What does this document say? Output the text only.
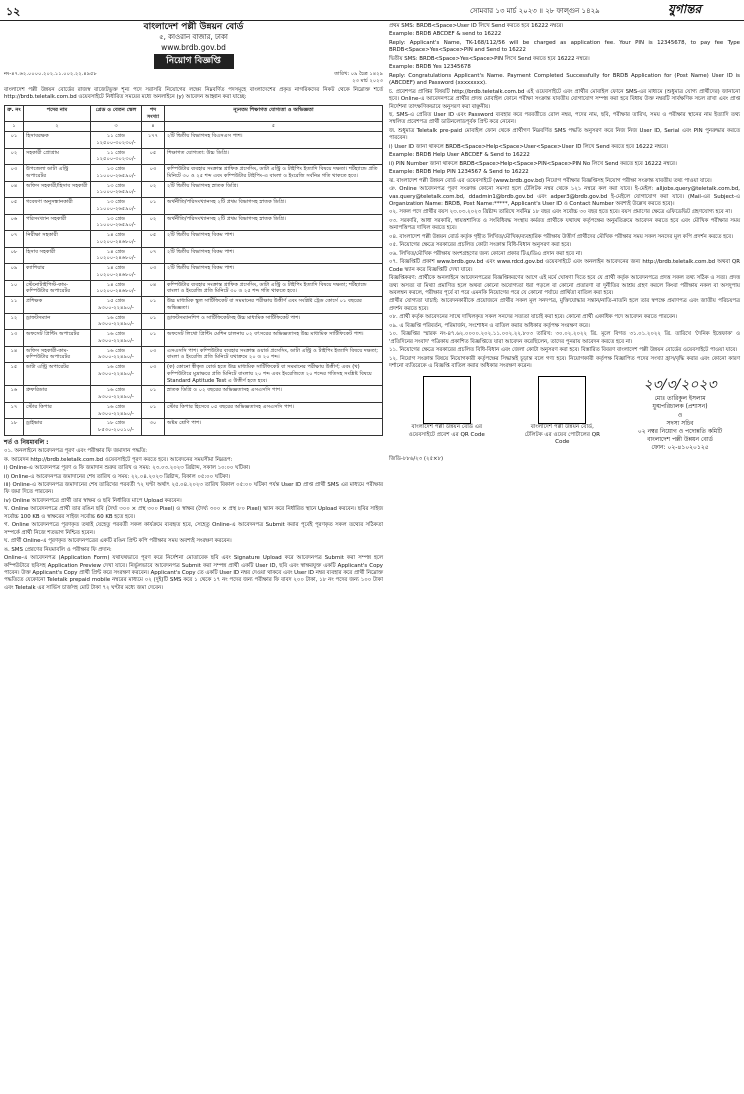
১২	সোমবার ১৩ মার্চ ২০২৩ ॥ ২৮ ফাল্গুন ১৪২৯	যুগান্তর
বাংলাদেশ পল্লী উন্নয়ন বোর্ড
৫, কাওরান বাজার, ঢাকা
www.brdb.gov.bd
নিয়োগ বিজ্ঞপ্তি
নং-৪৭.৬২.০০০০.২০২.১১.০০২.২২.৪৯৫৮	তারিখ: ০৯ চৈত্র ১৪২৯
২৩ মার্চ ২০২৩
বাংলাদেশ পল্লী উন্নয়ন বোর্ডের রাজস্ব বাজেটভুক্ত শূন্য পদে সরাসরি নিয়োগের লক্ষ্যে নিম্নবর্ণিত পদসমূহে বাংলাদেশের প্রকৃত নাগরিকদের নিকট থেকে নিম্নোক্ত শর্তে http://brdb.teletalk.com.bd ওয়েবসাইটে নির্ধারিত সময়ের মধ্যে অনলাইনে (y) আবেদন আহ্বান করা যাচ্ছে:
ক্র. নং	পদের নাম	গ্রেড ও বেতন স্কেল	পদ সংখ্যা	ন্যূনতম শিক্ষাগত যোগ্যতা ও অভিজ্ঞতা
১	২	৩	৪	৫
০১	হিসাবরক্ষক	১১ গ্রেড ১২৫০০-৩০২৩০/-	১৭৭	২টি দ্বিতীয় বিভাগসহ বিএসএস পাশ।
০২	সহকারী প্রোগ্রাম	১১ গ্রেড ১২৫০০-৩০২৩০/-	০৫	শিক্ষাগত যোগ্যতা: উচ্চ ডিগ্রি।
০৩	উপজেলা ডাটা এন্ট্রি অপারেটর	১৩ গ্রেড ১১০০০-২৬৫৯০/-	০৩	কম্পিউটার ব্যবহার সংক্রান্ত গ্রাফিক প্রসেসিং, ডাটা এন্ট্রি ও টাইপিং ইত্যাদি বিষয়ে দক্ষতা। শর্টহ্যান্ডে প্রতি মিনিটে ৩০ ও ২৫ শব্দ এবং কম্পিউটার টাইপিং-এ বাংলা ও ইংরেজি সর্বনিম্ন গতি থাকতে হবে।
০৪	অফিস সহকারী/হিসাব সহকারী	১৩ গ্রেড ১১০০০-২৬৫৯০/-	০২	২টি দ্বিতীয় বিভাগসহ স্নাতক ডিগ্রি।
০৫	গবেষণা অনুসন্ধানকারী	১৩ গ্রেড ১১০০০-২৬৫৯০/-	০১	অর্থনীতি/পরিসংখ্যানসহ ২টি প্রথম বিভাগসহ স্নাতক ডিগ্রি।
০৬	পরিসংখ্যান সহকারী	১৩ গ্রেড ১১০০০-২৬৫৯০/-	০২	অর্থনীতি/পরিসংখ্যানসহ ২টি প্রথম বিভাগসহ স্নাতক ডিগ্রি।
০৭	নিরীক্ষা সহকারী	১৪ গ্রেড ১০২০০-২৪৬৮০/-	০৫	২টি দ্বিতীয় বিভাগসহ বিকম পাশ।
০৮	হিসাব সহকারী	১৪ গ্রেড ১০২০০-২৪৬৮০/-	০৭	২টি দ্বিতীয় বিভাগসহ বিকম পাশ।
০৯	ক্যাশিয়ার	১৪ গ্রেড ১০২০০-২৪৬৮০/-	০৩	২টি দ্বিতীয় বিভাগসহ বিকম পাশ।
১০	স্টেনোটাইপিস্ট-কাম-কম্পিউটার অপারেটর	১৪ গ্রেড ১০২০০-২৪৬৮০/-	০৪	কম্পিউটার ব্যবহার সংক্রান্ত গ্রাফিক প্রসেসিং, ডাটা এন্ট্রি ও টাইপিং ইত্যাদি বিষয়ে দক্ষতা; শর্টহ্যান্ডে বাংলা ও ইংরেজি প্রতি মিনিটে ৩০ ও ২৫ শব্দ গতি থাকতে হবে।
১১	প্রশিক্ষক	১৫ গ্রেড ৯৩০০-২২৪৯০/-	০১	উচ্চ মাধ্যমিক স্কুল সার্টিফিকেট বা সমমানের পরীক্ষায় উত্তীর্ণ এবং সংশ্লিষ্ট ট্রেড কোর্সে ০১ বছরের অভিজ্ঞতা।
১২	ড্রাফটসম্যান	১৬ গ্রেড ৯৩০০-২২৪৯০/-	০১	ড্রাফটসম্যানশিপ ও সার্টিফিকেটসহ উচ্চ মাধ্যমিক সার্টিফিকেট পাশ।
১৩	অফসেট প্রিন্টিং অপারেটর	১৬ গ্রেড ৯৩০০-২২৪৯০/-	০১	অফসেট লিথো প্রিন্টিং মেশিন চালনায় ০২ বৎসরের অভিজ্ঞতাসহ উচ্চ মাধ্যমিক সার্টিফিকেট পাশ।
১৪	অফিস সহকারী-কাম-কম্পিউটার অপারেটর	১৬ গ্রেড ৯৩০০-২২৪৯০/-	০৩	এসএসসি পাশ। কম্পিউটার ব্যবহার সংক্রান্ত ওয়ার্ড প্রসেসিং, ডাটা এন্ট্রি ও টাইপিং ইত্যাদি বিষয়ে দক্ষতা; বাংলা ও ইংরেজি প্রতি মিনিটে যথাক্রমে ২০ ও ২০ শব্দ।
১৫	ডাটা এন্ট্রি অপারেটর	১৬ গ্রেড ৯৩০০-২২৪৯০/-	০৩	(ক) কোনো স্বীকৃত বোর্ড হতে উচ্চ মাধ্যমিক সার্টিফিকেট বা সমমানের পরীক্ষায় উত্তীর্ণ; এবং (খ) কম্পিউটারে মুদ্রাক্ষরে প্রতি মিনিটে বাংলায় ২০ শব্দ এবং ইংরেজিতে ২০ শব্দের গতিসহ সংশ্লিষ্ট বিষয়ে Standard Aptitude Test এ উত্তীর্ণ হতে হবে।
১৬	প্রুফরিডার	১৬ গ্রেড ৯৩০০-২২৪৯০/-	০১	স্নাতক ডিগ্রি ও ০২ বছরের অভিজ্ঞতাসহ এসএসসি পাশ।
১৭	স্টোর কিপার	১৬ গ্রেড ৯৩০০-২২৪৯০/-	০১	স্টোর কিপার হিসেবে ০৫ বছরের অভিজ্ঞতাসহ এসএসসি পাশ।
১৮	ড্রাইভার	১৮ গ্রেড ৮৫৩০-২০০১০/-	৩০	অষ্টম শ্রেণি পাশ।
শর্ত ও নিয়মাবলি :
০১. অনলাইনে আবেদনপত্র পূরণ এবং পরীক্ষার ফি জমাদান পদ্ধতি:
ক. আবেদন http://brdb.teletalk.com.bd ওয়েবসাইটে পূরণ করতে হবে। আবেদনের সময়সীমা নিম্নরূপ:
i) Online-এ আবেদনপত্র পূরণ ও ফি জমাদান শুরুর তারিখ ও সময়: ২৩.০৩.২০২৩ খ্রিষ্টাব্দ, সকাল ১০:০০ ঘটিকা।
ii) Online-এ আবেদনপত্র জমাদানের শেষ তারিখ ও সময়: ২২.০৪.২০২৩ খ্রিষ্টাব্দ, বিকাল ০৫:০০ ঘটিকা।
iii) Online-এ আবেদনপত্র জমাদানের শেষ তারিখের পরবর্তী ৭২ ঘণ্টা অর্থাৎ ২৫.০৪.২০২৩ তারিখ বিকাল ০৫:০০ ঘটিকা পর্যন্ত User ID প্রাপ্ত প্রার্থী SMS এর মাধ্যমে পরীক্ষার ফি জমা দিতে পারবেন।
iv) Online আবেদনপত্রে প্রার্থী তার স্বাক্ষর ও ছবি নির্ধারিত মাপে Upload করবেন।
খ. Online আবেদনপত্রে প্রার্থী তার রঙিন ছবি (দৈর্ঘ্য ৩০০ × প্রস্থ ৩০০ Pixel) ও স্বাক্ষর (দৈর্ঘ্য ৩০০ × প্রস্থ ৮০ Pixel) স্ক্যান করে নির্ধারিত স্থানে Upload করবেন। ছবির সাইজ সর্বোচ্চ 100 KB ও স্বাক্ষরের সাইজ সর্বোচ্চ 60 KB হতে হবে।
গ. Online আবেদনপত্রে পূরণকৃত তথ্যই যেহেতু পরবর্তী সকল কার্যক্রমে ব্যবহৃত হবে, সেহেতু Online-এ আবেদনপত্র Submit করার পূর্বেই পূরণকৃত সকল তথ্যের সঠিকতা সম্পর্কে প্রার্থী নিজে শতভাগ নিশ্চিত হবেন।
ঘ. প্রার্থী Online-এ পূরণকৃত আবেদনপত্রের একটি রঙিন প্রিন্ট কপি পরীক্ষার সময় অবশ্যই সংরক্ষণ করবেন।
ঙ. SMS প্রেরণের নিয়মাবলি ও পরীক্ষার ফি প্রদান:
Online-এ আবেদনপত্র (Application Form) যথাযথভাবে পূরণ করে নির্দেশনা মোতাবেক ছবি এবং Signature Upload করে আবেদনপত্র Submit করা সম্পন্ন হলে কম্পিউটারে ছবিসহ Application Preview দেখা যাবে। নির্ভুলভাবে আবেদনপত্র Submit করা সম্পন্ন প্রার্থী একটি User ID, ছবি এবং স্বাক্ষরযুক্ত একটি Applicant's Copy পাবেন। উক্ত Applicant's Copy প্রার্থী প্রিন্ট করে সংরক্ষণ করবেন। Applicant's Copy তে একটি User ID নম্বর দেওয়া থাকবে এবং User ID নম্বর ব্যবহার করে প্রার্থী নিম্নোক্ত পদ্ধতিতে যেকোনো Teletalk prepaid mobile নম্বরের মাধ্যমে ০২ (দুই)টি SMS করে ১ থেকে ১৭ নং পদের জন্য পরীক্ষার ফি বাবদ ২০০ টাকা, ১৮ নং পদের জন্য ১০০ টাকা এবং Teletalk এর সার্ভিস চার্জসহ মোট টাকা ৭২ ঘণ্টার মধ্যে জমা দেবেন।
প্রথম SMS: BRDB<Space>User ID লিখে Send করতে হবে 16222 নম্বরে।
Example: BRDB ABCDEF & send to 16222
Reply: Applicant's Name, TK-168/112/56 will be charged as application fee. Your PIN is 12345678, to pay fee Type BRDB<Space>Yes<Space>PIN and Send to 16222
দ্বিতীয় SMS: BRDB<Space>Yes<Space>PIN লিখে Send করতে হবে 16222 নম্বরে।
Example: BRDB Yes 12345678
Reply: Congratulations Applicant's Name. Payment Completed Successfully for BRDB Application for (Post Name) User ID is (ABCDEF) and Password (xxxxxxxx).
চ. প্রবেশপত্র প্রাপ্তির বিষয়টি http://brdb.teletalk.com.bd এই ওয়েবসাইটে এবং প্রার্থীর মোবাইল ফোনে SMS-এর মাধ্যমে (শুধুমাত্র যোগ্য প্রার্থীদের) জানানো হবে। Online-এ আবেদনপত্রে প্রার্থীর প্রদত্ত মোবাইল ফোনে পরীক্ষা সংক্রান্ত যাবতীয় যোগাযোগ সম্পন্ন করা হবে বিধায় উক্ত নম্বরটি সার্বক্ষণিক সচল রাখা এবং প্রাপ্ত নির্দেশনা তাৎক্ষণিকভাবে অনুসরণ করা বাঞ্ছনীয়।
ছ. SMS-এ প্রেরিত User ID এবং Password ব্যবহার করে পরবর্তীতে রোল নম্বর, পদের নাম, ছবি, পরীক্ষার তারিখ, সময় ও পরীক্ষার স্থানের নাম ইত্যাদি তথ্য সম্বলিত প্রবেশপত্র প্রার্থী ডাউনলোডপূর্বক প্রিন্ট করে নেবেন।
জ. শুধুমাত্র Teletalk pre-paid মোবাইল ফোন থেকে প্রার্থীগণ নিম্নবর্ণিত SMS পদ্ধতি অনুসরণ করে নিজ নিজ User ID, Serial এবং PIN পুনরুদ্ধার করতে পারবেন।
i) User ID জানা থাকলে BRDB<Space>Help<Space>User<Space>User ID লিখে Send করতে হবে 16222 নম্বরে।
Example: BRDB Help User ABCDEF & Send to 16222
ii) PIN Number জানা থাকলে BRDB<Space>Help<Space>PIN<Space>PIN No লিখে Send করতে হবে 16222 নম্বরে।
Example: BRDB Help PIN 1234567 & Send to 16222
ঝ. বাংলাদেশ পল্লী উন্নয়ন বোর্ড এর ওয়েবসাইটে (www.brdb.gov.bd) নিয়োগ পরীক্ষার বিজ্ঞপ্তিসহ নিয়োগ পরীক্ষা সংক্রান্ত যাবতীয় তথ্য পাওয়া যাবে।
ঞ. Online আবেদনপত্র পূরণ সংক্রান্ত কোনো সমস্যা হলে টেলিটক নম্বর থেকে ১২১ নম্বরে কল করা যাবে। ই-মেইল: alljobs.query@teletalk.com.bd, vas.query@teletalk.com.bd, ddadmin1@brdb.gov.bd এবং adper3@brdb.gov.bd ই-মেইলে যোগাযোগ করা যাবে। (Mail-এর Subject-এ Organization Name: BRDB, Post Name:*****, Applicant's User ID ও Contact Number অবশ্যই উল্লেখ করতে হবে)।
০২. সকল পদে প্রার্থীর বয়স ২৩.০৩.২০২৩ খ্রিষ্টাব্দ তারিখে সর্বনিম্ন ১৮ বছর এবং সর্বোচ্চ ৩০ বছর হতে হবে। বয়স প্রমাণের ক্ষেত্রে এফিডেভিট গ্রহণযোগ্য হবে না।
০৩. সরকারি, আধা সরকারি, স্বায়ত্তশাসিত ও সংবিধিবদ্ধ সংস্থায় কর্মরত প্রার্থীকে যথাযথ কর্তৃপক্ষের অনুমতিক্রমে আবেদন করতে হবে এবং মৌখিক পরীক্ষার সময় অনাপত্তিপত্র দাখিল করতে হবে।
০৪. বাংলাদেশ পল্লী উন্নয়ন বোর্ড কর্তৃক গৃহীত লিখিত/মৌখিক/ব্যবহারিক পরীক্ষায় উত্তীর্ণ প্রার্থীদের মৌখিক পরীক্ষার সময় সকল সনদের মূল কপি প্রদর্শন করতে হবে।
০৫. নিয়োগের ক্ষেত্রে সরকারের প্রচলিত কোটা সংক্রান্ত বিধি-বিধান অনুসরণ করা হবে।
০৬. লিখিত/মৌখিক পরীক্ষায় অংশগ্রহণের জন্য কোনো প্রকার টিএ/ডিএ প্রদান করা হবে না।
০৭. বিজ্ঞপ্তিটি প্রকাশ www.brdb.gov.bd এবং www.rdcd.gov.bd ওয়েবসাইটে এবং অনলাইন আবেদনের জন্য http://brdb.teletalk.com.bd অথবা QR Code স্ক্যান করে বিজ্ঞপ্তিটি দেখা যাবে।
বিজ্ঞপ্তিকরণ: প্রার্থীকে অনলাইনে আবেদনপত্রের বিজ্ঞপ্তিকরণের আগে এই মর্মে ঘোষণা দিতে হবে যে প্রার্থী কর্তৃক আবেদনপত্রে প্রদত্ত সকল তথ্য সঠিক ও সত্য। প্রদত্ত তথ্য অসত্য বা মিথ্যা প্রমাণিত হলে অথবা কোনো অযোগ্যতা ধরা পড়লে বা কোনো প্রতারণা বা দুর্নীতির আশ্রয় গ্রহণ করলে কিংবা পরীক্ষায় নকল বা অসদুপায় অবলম্বন করলে, পরীক্ষার পূর্বে বা পরে এমনকি নিয়োগের পরে যে কোনো পর্যায়ে প্রার্থিতা বাতিল করা হবে।
প্রার্থীর যোগ্যতা যাচাই: আবেদনকারীকে প্রয়োজনে প্রার্থীর সকল মূল সনদপত্র, মুক্তিযোদ্ধার সন্তান/নাতি-নাতনি হলে তার স্বপক্ষে প্রমাণপত্র এবং জাতীয় পরিচয়পত্র প্রদর্শন করতে হবে।
০৮. প্রার্থী কর্তৃক আবেদনের সাথে দাখিলকৃত সকল সনদের সত্যতা যাচাই করা হবে। কোনো প্রার্থী একাধিক পদে আবেদন করতে পারবেন।
০৯. এ বিজ্ঞপ্তি পরিবর্তন, পরিমার্জন, সংশোধন ও বাতিল করার অধিকার কর্তৃপক্ষ সংরক্ষণ করে।
১০. বিজ্ঞপ্তির স্মারক নং-৪৭.৬২.০০০০.২০২.১১.০০২.২২.৮০৩ তারিখ: ৩০.০২.২০২২ খ্রি. মূলে বিগত ৩১.০১.২০২২ খ্রি. তারিখে 'দৈনিক ইত্তেফাক' ও 'প্রতিদিনের সংবাদ' পত্রিকায় প্রকাশিত বিজ্ঞপ্তিতে যারা আবেদন করেছিলেন, তাদের পুনরায় আবেদন করতে হবে না।
১১. নিয়োগের ক্ষেত্রে সরকারের প্রচলিত বিধি-বিধান এবং জেলা কোটা অনুসরণ করা হবে। বিস্তারিত বিবরণ বাংলাদেশ পল্লী উন্নয়ন বোর্ডের ওয়েবসাইটে পাওয়া যাবে।
১২. নিয়োগ সংক্রান্ত বিষয়ে নিয়োগকারী কর্তৃপক্ষের সিদ্ধান্তই চূড়ান্ত বলে গণ্য হবে। নিয়োগকারী কর্তৃপক্ষ বিজ্ঞাপিত পদের সংখ্যা হ্রাস/বৃদ্ধি করার এবং কোনো কারণ দর্শানো ব্যতিরেকে এ বিজ্ঞপ্তি বাতিল করার অধিকার সংরক্ষণ করেন।
বাংলাদেশ পল্লী উন্নয়ন বোর্ড এর ওয়েবসাইটে প্রবেশ এর QR Code
বাংলাদেশ পল্লী উন্নয়ন বোর্ড, টেলিটক এর ওয়েব পোর্টালের QR Code
২৩/৩/২০২৩
মোঃ তারিকুল ইসলাম
যুগ্মপরিচালক (প্রশাসন)
ও
সদস্য সচিব
০২ নম্বর নিয়োগ ও পদোন্নতি কমিটি
বাংলাদেশ পল্লী উন্নয়ন বোর্ড
ফোন: ০২-৪১০২০১২৫
জিডি-৮৮৬/২৩ (২৫×৮)
